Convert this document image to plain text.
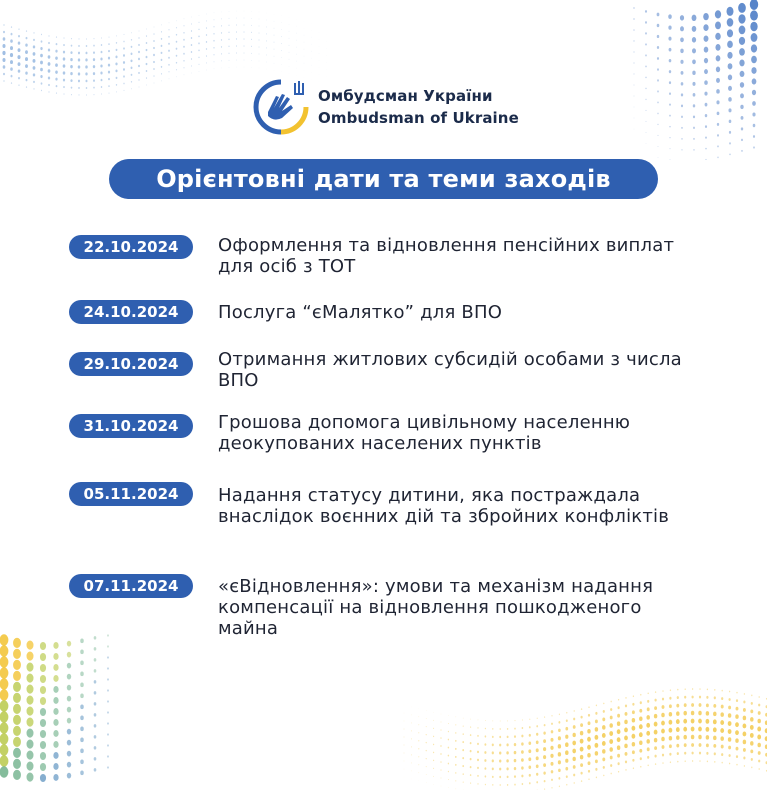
Омбудсман України
Ombudsman of Ukraine
Орієнтовні дати та теми заходів
22.10.2024	Оформлення та відновлення пенсійних виплат для осіб з ТОТ
24.10.2024	Послуга “єМалятко” для ВПО
29.10.2024	Отримання житлових субсидій особами з числа ВПО
31.10.2024	Грошова допомога цивільному населенню деокупованих населених пунктів
05.11.2024	Надання статусу дитини, яка постраждала внаслідок воєнних дій та збройних конфліктів
07.11.2024	«єВідновлення»: умови та механізм надання компенсації на відновлення пошкодженого майна
